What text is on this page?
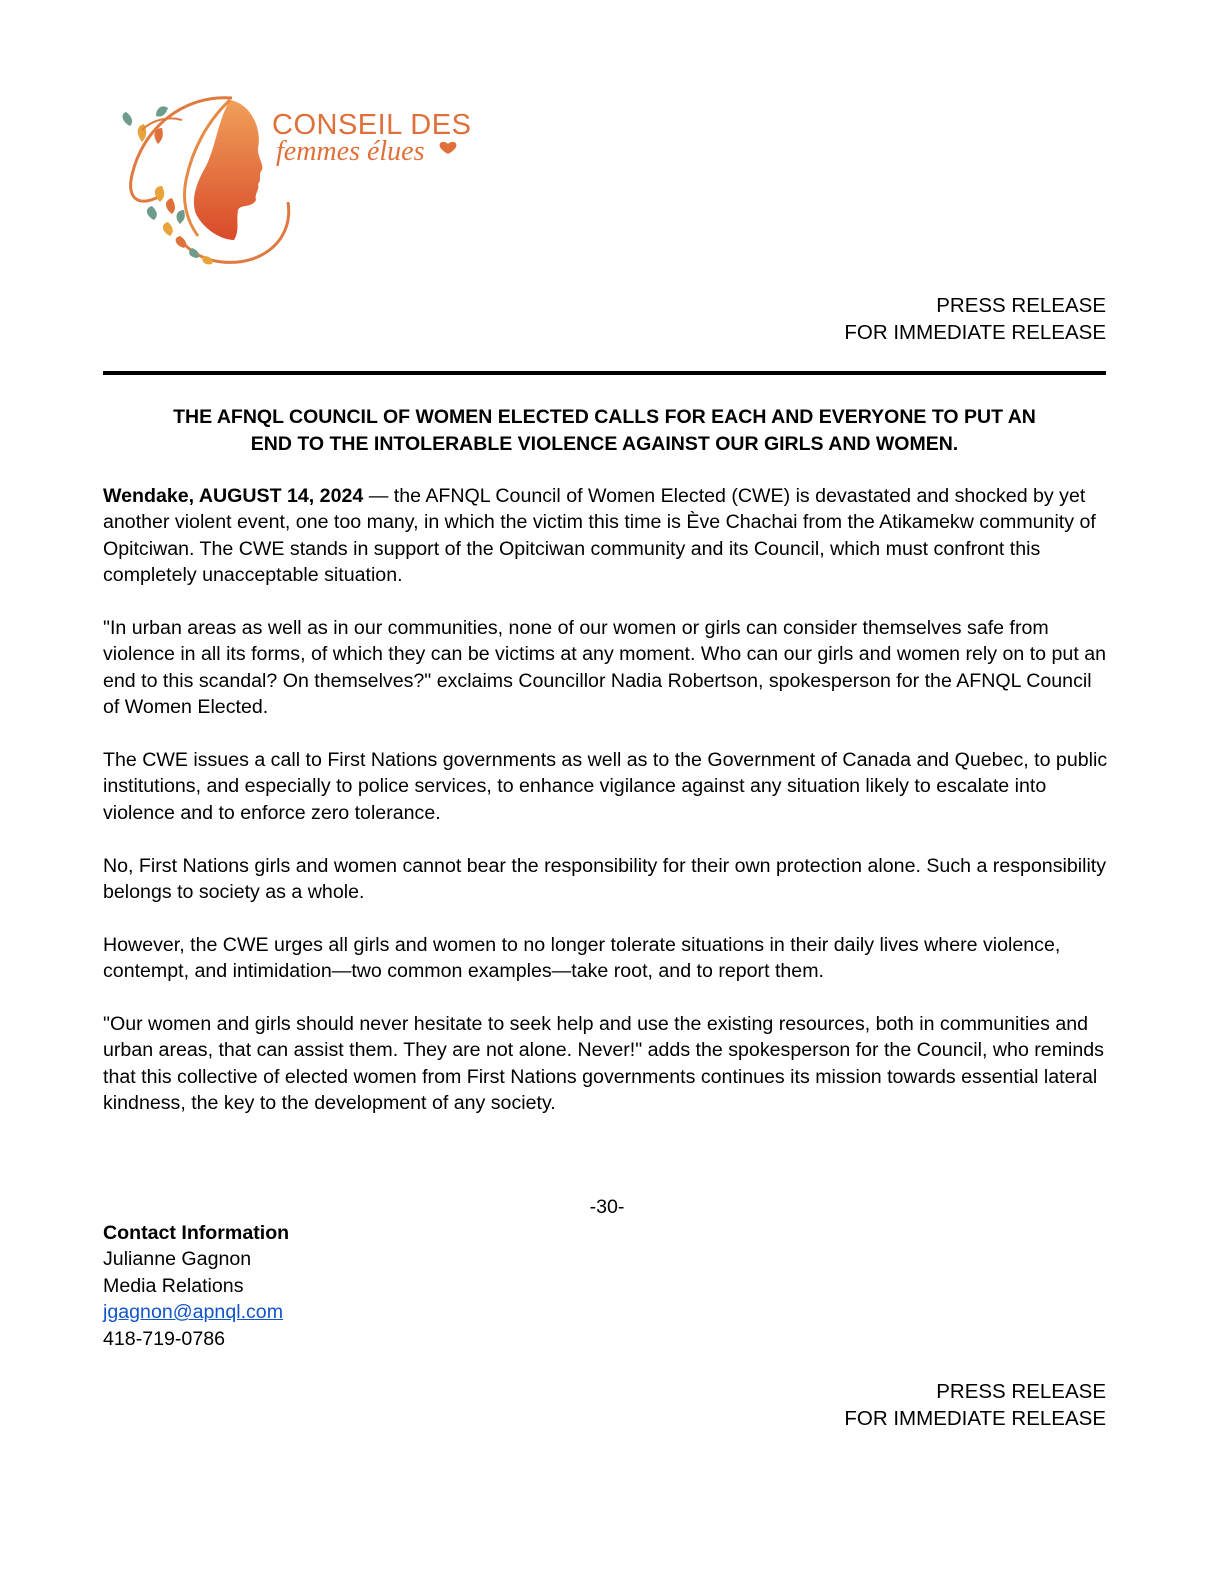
CONSEIL DES
femmes élues
PRESS RELEASE
FOR IMMEDIATE RELEASE
THE AFNQL COUNCIL OF WOMEN ELECTED CALLS FOR EACH AND EVERYONE TO PUT AN
END TO THE INTOLERABLE VIOLENCE AGAINST OUR GIRLS AND WOMEN.

Wendake, AUGUST 14, 2024 — the AFNQL Council of Women Elected (CWE) is devastated and shocked by yet another violent event, one too many, in which the victim this time is Ève Chachai from the Atikamekw community of Opitciwan. The CWE stands in support of the Opitciwan community and its Council, which must confront this completely unacceptable situation.

"In urban areas as well as in our communities, none of our women or girls can consider themselves safe from violence in all its forms, of which they can be victims at any moment. Who can our girls and women rely on to put an end to this scandal? On themselves?" exclaims Councillor Nadia Robertson, spokesperson for the AFNQL Council of Women Elected.

The CWE issues a call to First Nations governments as well as to the Government of Canada and Quebec, to public institutions, and especially to police services, to enhance vigilance against any situation likely to escalate into violence and to enforce zero tolerance.

No, First Nations girls and women cannot bear the responsibility for their own protection alone. Such a responsibility belongs to society as a whole.

However, the CWE urges all girls and women to no longer tolerate situations in their daily lives where violence, contempt, and intimidation—two common examples—take root, and to report them.

"Our women and girls should never hesitate to seek help and use the existing resources, both in communities and urban areas, that can assist them. They are not alone. Never!" adds the spokesperson for the Council, who reminds that this collective of elected women from First Nations governments continues its mission towards essential lateral kindness, the key to the development of any society.

-30-
Contact Information
Julianne Gagnon
Media Relations
jgagnon@apnql.com
418-719-0786
PRESS RELEASE
FOR IMMEDIATE RELEASE
